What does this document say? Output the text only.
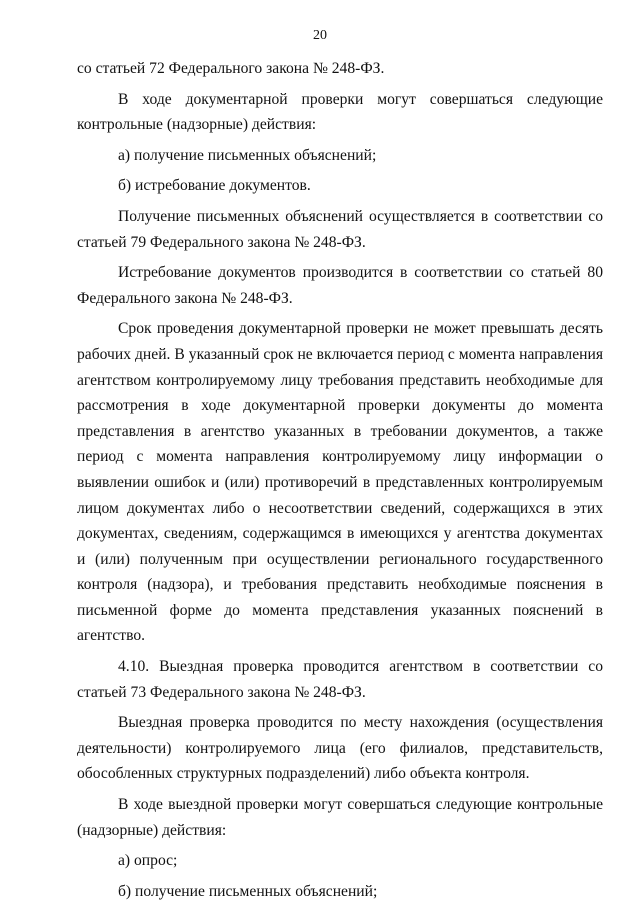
20

со статьей 72 Федерального закона № 248-ФЗ.

В ходе документарной проверки могут совершаться следующие контрольные (надзорные) действия:

а) получение письменных объяснений;

б) истребование документов.

Получение письменных объяснений осуществляется в соответствии со статьей 79 Федерального закона № 248-ФЗ.

Истребование документов производится в соответствии со статьей 80 Федерального закона № 248-ФЗ.

Срок проведения документарной проверки не может превышать десять рабочих дней. В указанный срок не включается период с момента направления агентством контролируемому лицу требования представить необходимые для рассмотрения в ходе документарной проверки документы до момента представления в агентство указанных в требовании документов, а также период с момента направления контролируемому лицу информации о выявлении ошибок и (или) противоречий в представленных контролируемым лицом документах либо о несоответствии сведений, содержащихся в этих документах, сведениям, содержащимся в имеющихся у агентства документах и (или) полученным при осуществлении регионального государственного контроля (надзора), и требования представить необходимые пояснения в письменной форме до момента представления указанных пояснений в агентство.

4.10. Выездная проверка проводится агентством в соответствии со статьей 73 Федерального закона № 248-ФЗ.

Выездная проверка проводится по месту нахождения (осуществления деятельности) контролируемого лица (его филиалов, представительств, обособленных структурных подразделений) либо объекта контроля.

В ходе выездной проверки могут совершаться следующие контрольные (надзорные) действия:

а) опрос;

б) получение письменных объяснений;
